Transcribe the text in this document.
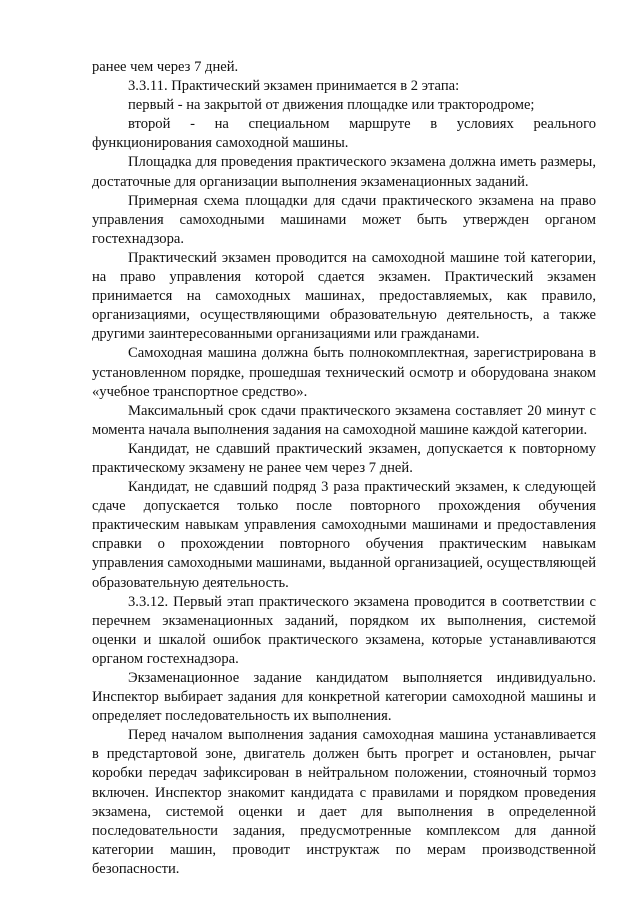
ранее чем через 7 дней.

3.3.11. Практический экзамен принимается в 2 этапа:

первый - на закрытой от движения площадке или трактородроме;

второй - на специальном маршруте в условиях реального функционирования самоходной машины.

Площадка для проведения практического экзамена должна иметь размеры, достаточные для организации выполнения экзаменационных заданий.

Примерная схема площадки для сдачи практического экзамена на право управления самоходными машинами может быть утвержден органом гостехнадзора.

Практический экзамен проводится на самоходной машине той категории, на право управления которой сдается экзамен. Практический экзамен принимается на самоходных машинах, предоставляемых, как правило, организациями, осуществляющими образовательную деятельность, а также другими заинтересованными организациями или гражданами.

Самоходная машина должна быть полнокомплектная, зарегистрирована в установленном порядке, прошедшая технический осмотр и оборудована знаком «учебное транспортное средство».

Максимальный срок сдачи практического экзамена составляет 20 минут с момента начала выполнения задания на самоходной машине каждой категории.

Кандидат, не сдавший практический экзамен, допускается к повторному практическому экзамену не ранее чем через 7 дней.

Кандидат, не сдавший подряд 3 раза практический экзамен, к следующей сдаче допускается только после повторного прохождения обучения практическим навыкам управления самоходными машинами и предоставления справки о прохождении повторного обучения практическим навыкам управления самоходными машинами, выданной организацией, осуществляющей образовательную деятельность.

3.3.12. Первый этап практического экзамена проводится в соответствии с перечнем экзаменационных заданий, порядком их выполнения, системой оценки и шкалой ошибок практического экзамена, которые устанавливаются органом гостехнадзора.

Экзаменационное задание кандидатом выполняется индивидуально. Инспектор выбирает задания для конкретной категории самоходной машины и определяет последовательность их выполнения.

Перед началом выполнения задания самоходная машина устанавливается в предстартовой зоне, двигатель должен быть прогрет и остановлен, рычаг коробки передач зафиксирован в нейтральном положении, стояночный тормоз включен. Инспектор знакомит кандидата с правилами и порядком проведения экзамена, системой оценки и дает для выполнения в определенной последовательности задания, предусмотренные комплексом для данной категории машин, проводит инструктаж по мерам производственной безопасности.
